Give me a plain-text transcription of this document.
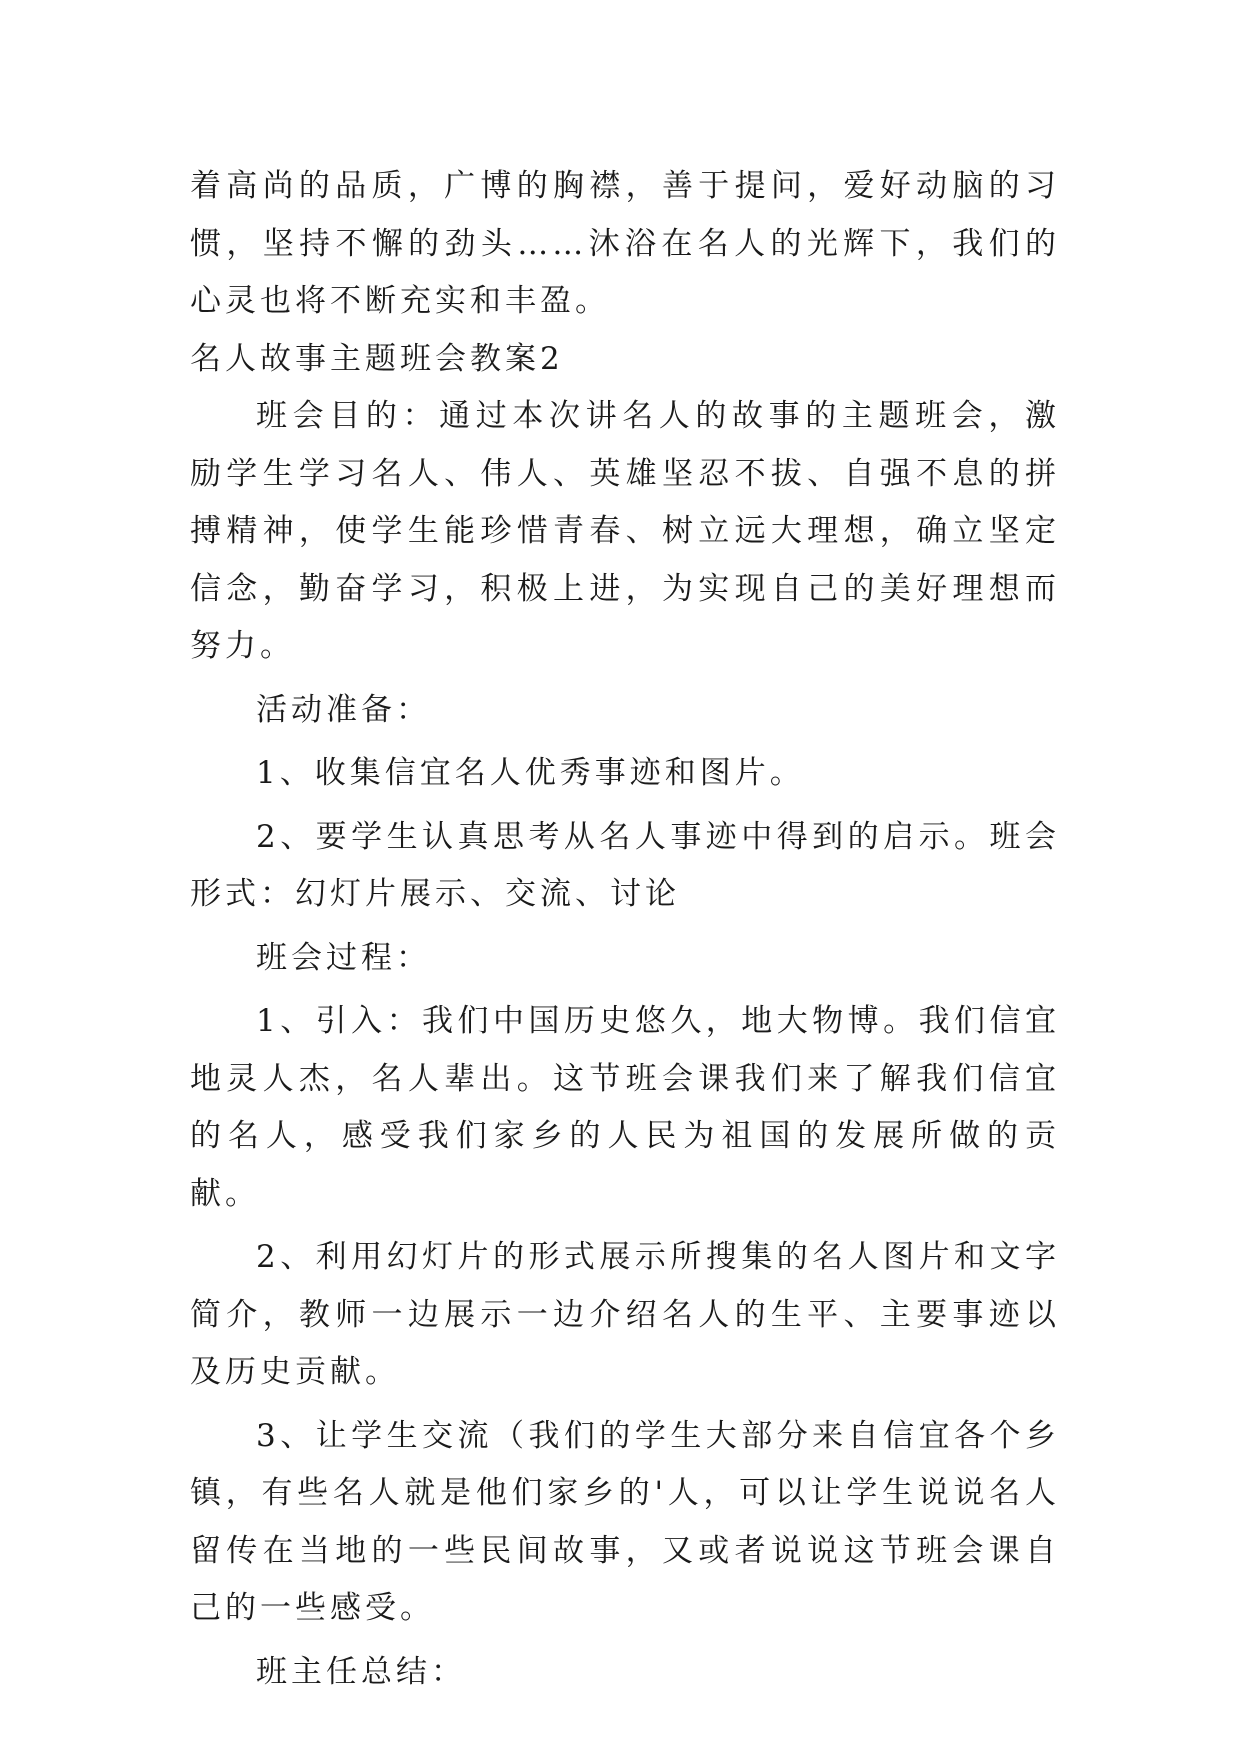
着高尚的品质，广博的胸襟，善于提问，爱好动脑的习惯，坚持不懈的劲头……沐浴在名人的光辉下，我们的心灵也将不断充实和丰盈。

名人故事主题班会教案2

班会目的：通过本次讲名人的故事的主题班会，激励学生学习名人、伟人、英雄坚忍不拔、自强不息的拼搏精神，使学生能珍惜青春、树立远大理想，确立坚定信念，勤奋学习，积极上进，为实现自己的美好理想而努力。

活动准备：

1、收集信宜名人优秀事迹和图片。

2、要学生认真思考从名人事迹中得到的启示。班会形式：幻灯片展示、交流、讨论

班会过程：

1、引入：我们中国历史悠久，地大物博。我们信宜地灵人杰，名人辈出。这节班会课我们来了解我们信宜的名人，感受我们家乡的人民为祖国的发展所做的贡献。

2、利用幻灯片的形式展示所搜集的名人图片和文字简介，教师一边展示一边介绍名人的生平、主要事迹以及历史贡献。

3、让学生交流（我们的学生大部分来自信宜各个乡镇，有些名人就是他们家乡的'人，可以让学生说说名人留传在当地的一些民间故事，又或者说说这节班会课自己的一些感受。

班主任总结：
